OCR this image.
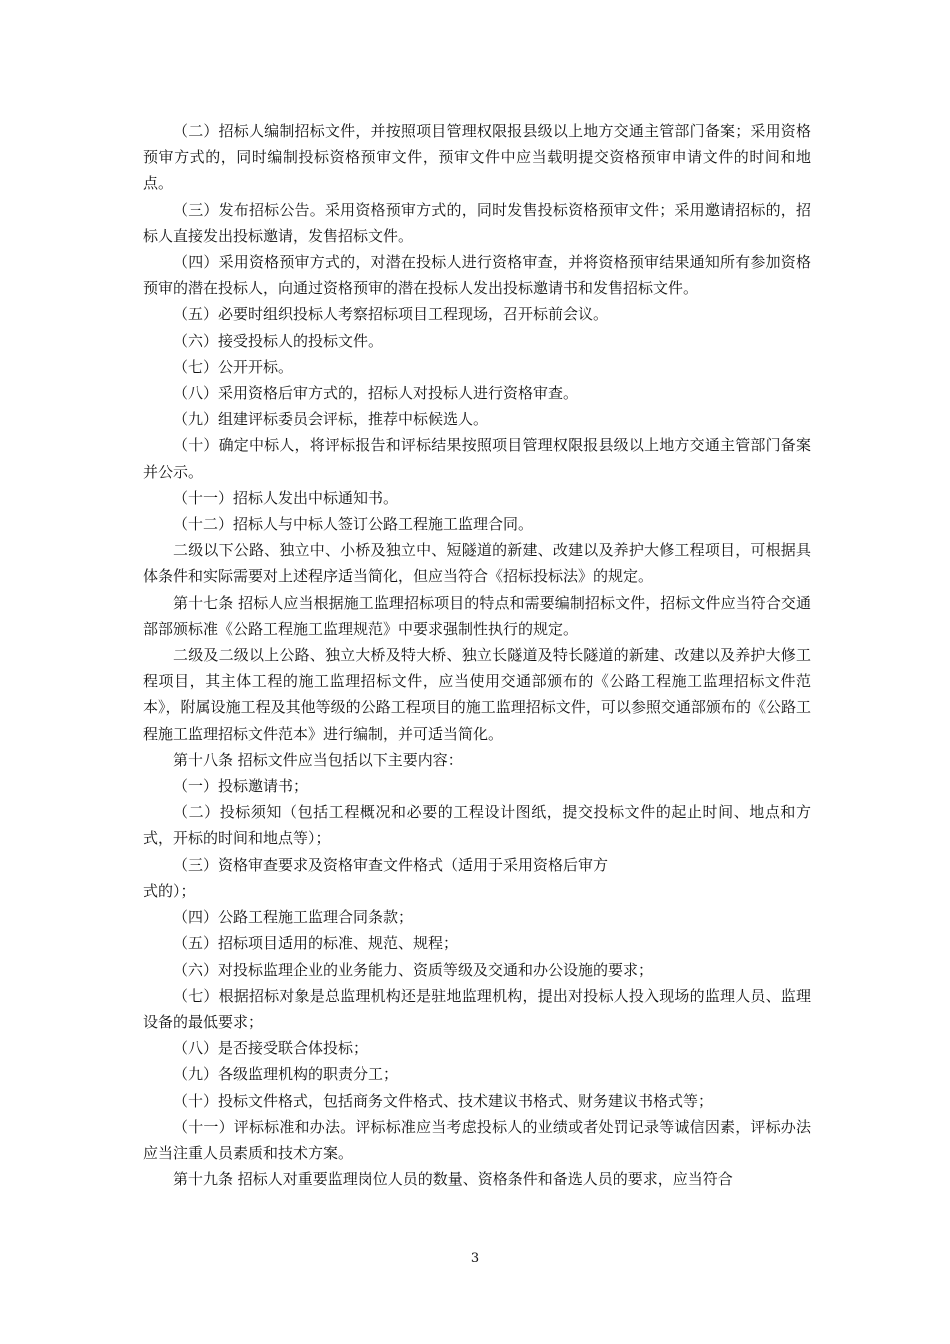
（二）招标人编制招标文件，并按照项目管理权限报县级以上地方交通主管部门备案；采用资格预审方式的，同时编制投标资格预审文件，预审文件中应当载明提交资格预审申请文件的时间和地点。

（三）发布招标公告。采用资格预审方式的，同时发售投标资格预审文件；采用邀请招标的，招标人直接发出投标邀请，发售招标文件。

（四）采用资格预审方式的，对潜在投标人进行资格审查，并将资格预审结果通知所有参加资格预审的潜在投标人，向通过资格预审的潜在投标人发出投标邀请书和发售招标文件。

（五）必要时组织投标人考察招标项目工程现场，召开标前会议。

（六）接受投标人的投标文件。

（七）公开开标。

（八）采用资格后审方式的，招标人对投标人进行资格审查。

（九）组建评标委员会评标，推荐中标候选人。

（十）确定中标人，将评标报告和评标结果按照项目管理权限报县级以上地方交通主管部门备案并公示。

（十一）招标人发出中标通知书。

（十二）招标人与中标人签订公路工程施工监理合同。

二级以下公路、独立中、小桥及独立中、短隧道的新建、改建以及养护大修工程项目，可根据具体条件和实际需要对上述程序适当简化，但应当符合《招标投标法》的规定。

第十七条 招标人应当根据施工监理招标项目的特点和需要编制招标文件，招标文件应当符合交通部部颁标准《公路工程施工监理规范》中要求强制性执行的规定。

二级及二级以上公路、独立大桥及特大桥、独立长隧道及特长隧道的新建、改建以及养护大修工程项目，其主体工程的施工监理招标文件，应当使用交通部颁布的《公路工程施工监理招标文件范本》，附属设施工程及其他等级的公路工程项目的施工监理招标文件，可以参照交通部颁布的《公路工程施工监理招标文件范本》进行编制，并可适当简化。

第十八条 招标文件应当包括以下主要内容：

（一）投标邀请书；

（二）投标须知（包括工程概况和必要的工程设计图纸，提交投标文件的起止时间、地点和方式，开标的时间和地点等）；

（三）资格审查要求及资格审查文件格式（适用于采用资格后审方

式的）；

（四）公路工程施工监理合同条款；

（五）招标项目适用的标准、规范、规程；

（六）对投标监理企业的业务能力、资质等级及交通和办公设施的要求；

（七）根据招标对象是总监理机构还是驻地监理机构，提出对投标人投入现场的监理人员、监理设备的最低要求；

（八）是否接受联合体投标；

（九）各级监理机构的职责分工；

（十）投标文件格式，包括商务文件格式、技术建议书格式、财务建议书格式等；

（十一）评标标准和办法。评标标准应当考虑投标人的业绩或者处罚记录等诚信因素，评标办法应当注重人员素质和技术方案。

第十九条 招标人对重要监理岗位人员的数量、资格条件和备选人员的要求，应当符合

3
